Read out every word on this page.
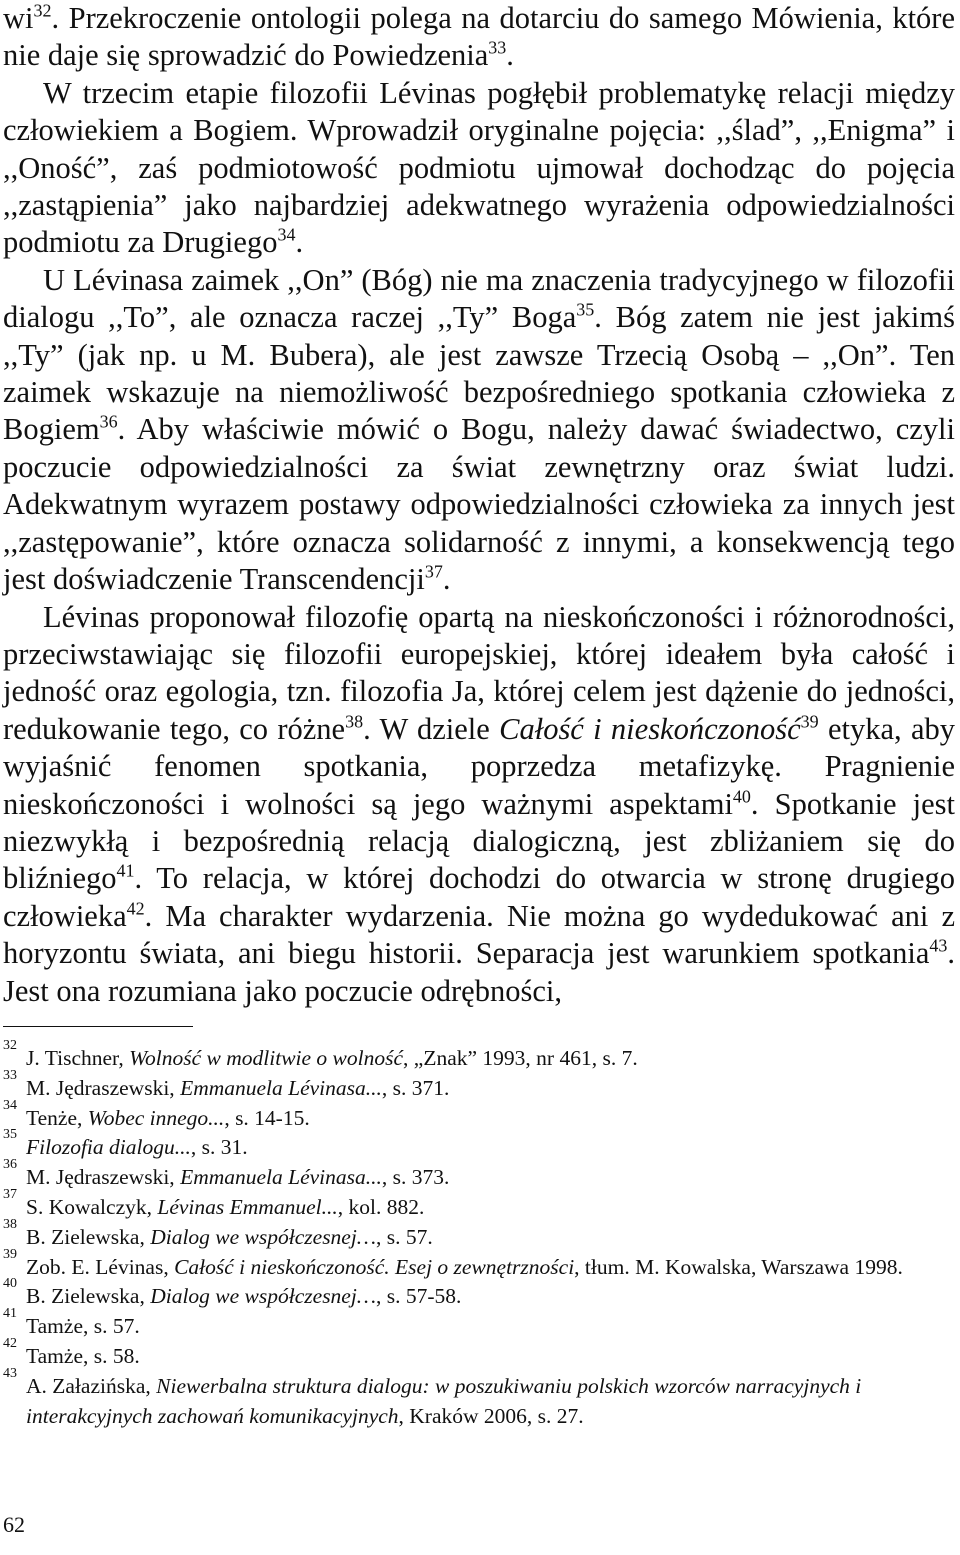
wi$^{32}$. Przekroczenie ontologii polega na dotarciu do samego Mówienia, które nie daje się sprowadzić do Powiedzenia$^{33}$.

W trzecim etapie filozofii Lévinas pogłębił problematykę relacji między człowiekiem a Bogiem. Wprowadził oryginalne pojęcia: ,,ślad”, ,,Enigma” i ,,Oność”, zaś podmiotowość podmiotu ujmował dochodząc do pojęcia ,,zastąpienia” jako najbardziej adekwatnego wyrażenia odpowiedzialności podmiotu za Drugiego$^{34}$.

U Lévinasa zaimek ,,On” (Bóg) nie ma znaczenia tradycyjnego w filozofii dialogu ,,To”, ale oznacza raczej ,,Ty” Boga$^{35}$. Bóg zatem nie jest jakimś ,,Ty” (jak np. u M. Bubera), ale jest zawsze Trzecią Osobą – ,,On”. Ten zaimek wskazuje na niemożliwość bezpośredniego spotkania człowieka z Bogiem$^{36}$. Aby właściwie mówić o Bogu, należy dawać świadectwo, czyli poczucie odpowiedzialności za świat zewnętrzny oraz świat ludzi. Adekwatnym wyrazem postawy odpowiedzialności człowieka za innych jest ,,zastępowanie”, które oznacza solidarność z innymi, a konsekwencją tego jest doświadczenie Transcendencji$^{37}$.

Lévinas proponował filozofię opartą na nieskończoności i różnorodności, przeciwstawiając się filozofii europejskiej, której ideałem była całość i jedność oraz egologia, tzn. filozofia Ja, której celem jest dążenie do jedności, redukowanie tego, co różne$^{38}$. W dziele Całość i nieskończoność$^{39}$ etyka, aby wyjaśnić fenomen spotkania, poprzedza metafizykę. Pragnienie nieskończoności i wolności są jego ważnymi aspektami$^{40}$. Spotkanie jest niezwykłą i bezpośrednią relacją dialogiczną, jest zbliżaniem się do bliźniego$^{41}$. To relacja, w której dochodzi do otwarcia w stronę drugiego człowieka$^{42}$. Ma charakter wydarzenia. Nie można go wydedukować ani z horyzontu świata, ani biegu historii. Separacja jest warunkiem spotkania$^{43}$. Jest ona rozumiana jako poczucie odrębności,

32
J. Tischner, Wolność w modlitwie o wolność, „Znak” 1993, nr 461, s. 7.
33
M. Jędraszewski, Emmanuela Lévinasa..., s. 371.
34
Tenże, Wobec innego..., s. 14-15.
35
Filozofia dialogu..., s. 31.
36
M. Jędraszewski, Emmanuela Lévinasa..., s. 373.
37
S. Kowalczyk, Lévinas Emmanuel..., kol. 882.
38
B. Zielewska, Dialog we współczesnej…, s. 57.
39
Zob. E. Lévinas, Całość i nieskończoność. Esej o zewnętrzności, tłum. M. Kowalska, Warszawa 1998.
40
B. Zielewska, Dialog we współczesnej…, s. 57-58.
41
Tamże, s. 57.
42
Tamże, s. 58.
43
A. Załazińska, Niewerbalna struktura dialogu: w poszukiwaniu polskich wzorców narracyjnych i interakcyjnych zachowań komunikacyjnych, Kraków 2006, s. 27.
62
